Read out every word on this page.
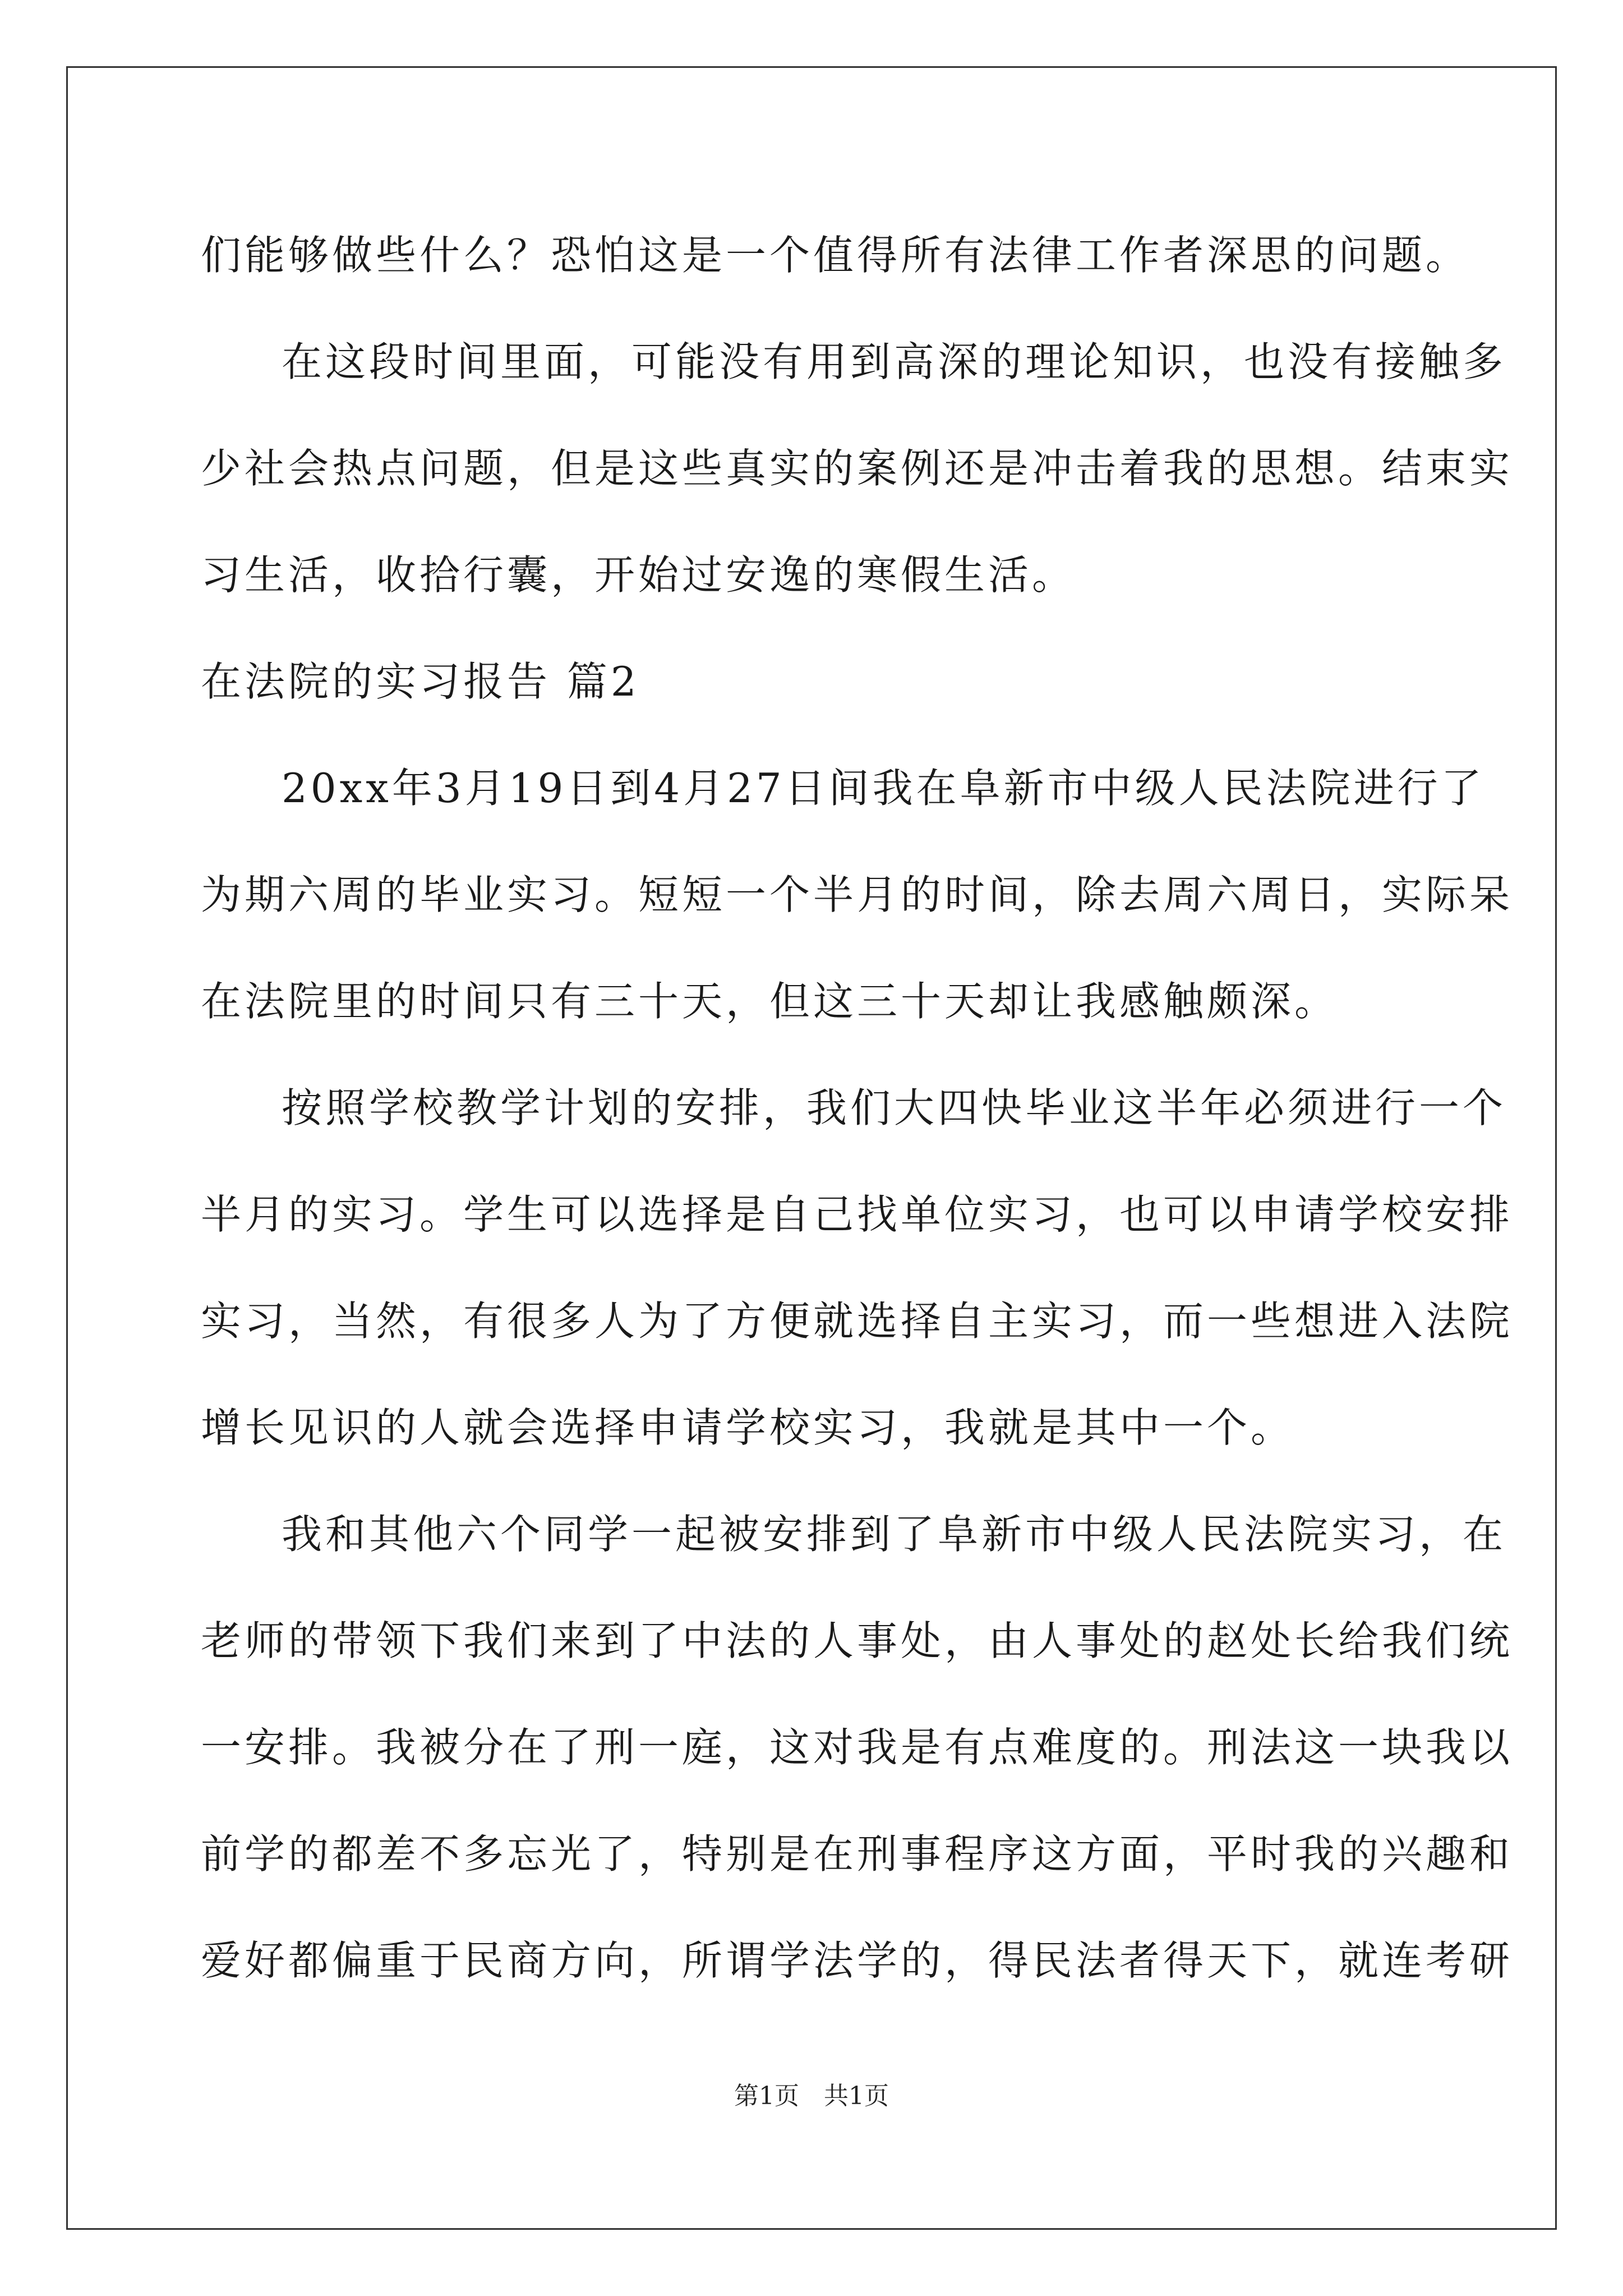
们能够做些什么？恐怕这是一个值得所有法律工作者深思的问题。
在这段时间里面，可能没有用到高深的理论知识，也没有接触多
少社会热点问题，但是这些真实的案例还是冲击着我的思想。结束实
习生活，收拾行囊，开始过安逸的寒假生活。
在法院的实习报告 篇2
20xx年3月19日到4月27日间我在阜新市中级人民法院进行了
为期六周的毕业实习。短短一个半月的时间，除去周六周日，实际呆
在法院里的时间只有三十天，但这三十天却让我感触颇深。
按照学校教学计划的安排，我们大四快毕业这半年必须进行一个
半月的实习。学生可以选择是自己找单位实习，也可以申请学校安排
实习，当然，有很多人为了方便就选择自主实习，而一些想进入法院
增长见识的人就会选择申请学校实习，我就是其中一个。
我和其他六个同学一起被安排到了阜新市中级人民法院实习，在
老师的带领下我们来到了中法的人事处，由人事处的赵处长给我们统
一安排。我被分在了刑一庭，这对我是有点难度的。刑法这一块我以
前学的都差不多忘光了，特别是在刑事程序这方面，平时我的兴趣和
爱好都偏重于民商方向，所谓学法学的，得民法者得天下，就连考研
第1页　共1页
